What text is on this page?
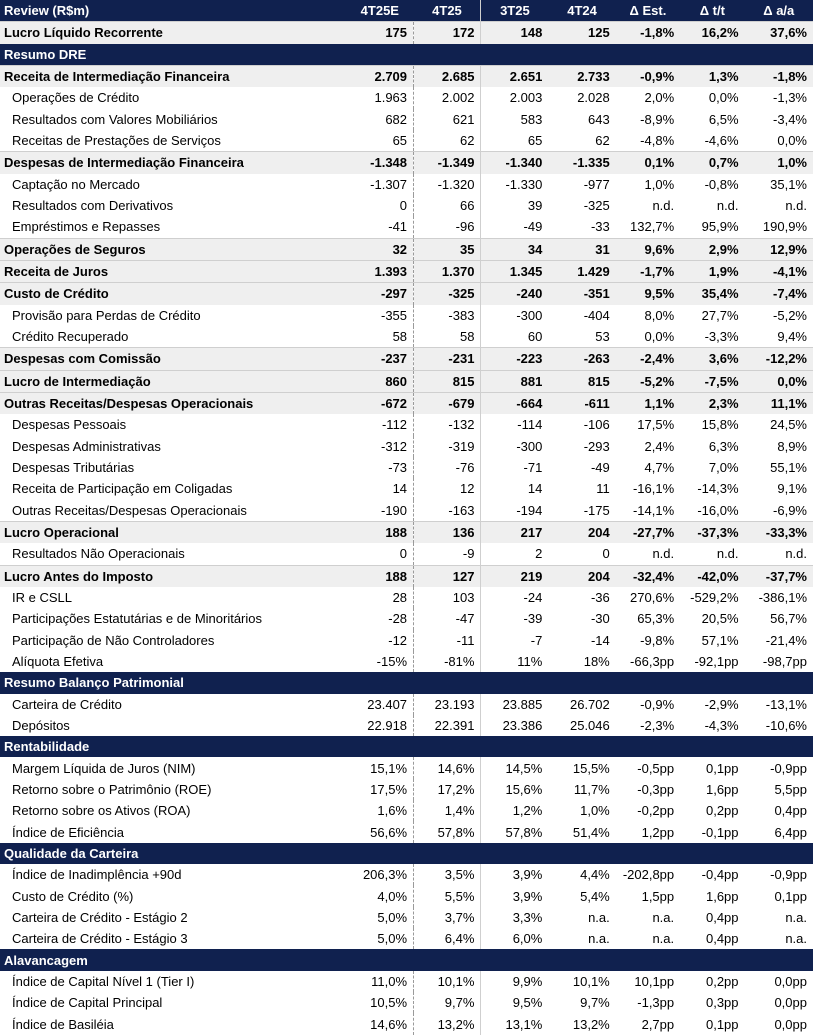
Review (R$m)	4T25E	4T25	3T25	4T24	Δ Est.	Δ t/t	Δ a/a
Lucro Líquido Recorrente	175	172	148	125	-1,8%	16,2%	37,6%
Resumo DRE							
Receita de Intermediação Financeira	2.709	2.685	2.651	2.733	-0,9%	1,3%	-1,8%
Operações de Crédito	1.963	2.002	2.003	2.028	2,0%	0,0%	-1,3%
Resultados com Valores Mobiliários	682	621	583	643	-8,9%	6,5%	-3,4%
Receitas de Prestações de Serviços	65	62	65	62	-4,8%	-4,6%	0,0%
Despesas de Intermediação Financeira	-1.348	-1.349	-1.340	-1.335	0,1%	0,7%	1,0%
Captação no Mercado	-1.307	-1.320	-1.330	-977	1,0%	-0,8%	35,1%
Resultados com Derivativos	0	66	39	-325	n.d.	n.d.	n.d.
Empréstimos e Repasses	-41	-96	-49	-33	132,7%	95,9%	190,9%
Operações de Seguros	32	35	34	31	9,6%	2,9%	12,9%
Receita de Juros	1.393	1.370	1.345	1.429	-1,7%	1,9%	-4,1%
Custo de Crédito	-297	-325	-240	-351	9,5%	35,4%	-7,4%
Provisão para Perdas de Crédito	-355	-383	-300	-404	8,0%	27,7%	-5,2%
Crédito Recuperado	58	58	60	53	0,0%	-3,3%	9,4%
Despesas com Comissão	-237	-231	-223	-263	-2,4%	3,6%	-12,2%
Lucro de Intermediação	860	815	881	815	-5,2%	-7,5%	0,0%
Outras Receitas/Despesas Operacionais	-672	-679	-664	-611	1,1%	2,3%	11,1%
Despesas Pessoais	-112	-132	-114	-106	17,5%	15,8%	24,5%
Despesas Administrativas	-312	-319	-300	-293	2,4%	6,3%	8,9%
Despesas Tributárias	-73	-76	-71	-49	4,7%	7,0%	55,1%
Receita de Participação em Coligadas	14	12	14	11	-16,1%	-14,3%	9,1%
Outras Receitas/Despesas Operacionais	-190	-163	-194	-175	-14,1%	-16,0%	-6,9%
Lucro Operacional	188	136	217	204	-27,7%	-37,3%	-33,3%
Resultados Não Operacionais	0	-9	2	0	n.d.	n.d.	n.d.
Lucro Antes do Imposto	188	127	219	204	-32,4%	-42,0%	-37,7%
IR e CSLL	28	103	-24	-36	270,6%	-529,2%	-386,1%
Participações Estatutárias e de Minoritários	-28	-47	-39	-30	65,3%	20,5%	56,7%
Participação de Não Controladores	-12	-11	-7	-14	-9,8%	57,1%	-21,4%
Alíquota Efetiva	-15%	-81%	11%	18%	-66,3pp	-92,1pp	-98,7pp
Resumo Balanço Patrimonial							
Carteira de Crédito	23.407	23.193	23.885	26.702	-0,9%	-2,9%	-13,1%
Depósitos	22.918	22.391	23.386	25.046	-2,3%	-4,3%	-10,6%
Rentabilidade							
Margem Líquida de Juros (NIM)	15,1%	14,6%	14,5%	15,5%	-0,5pp	0,1pp	-0,9pp
Retorno sobre o Patrimônio (ROE)	17,5%	17,2%	15,6%	11,7%	-0,3pp	1,6pp	5,5pp
Retorno sobre os Ativos (ROA)	1,6%	1,4%	1,2%	1,0%	-0,2pp	0,2pp	0,4pp
Índice de Eficiência	56,6%	57,8%	57,8%	51,4%	1,2pp	-0,1pp	6,4pp
Qualidade da Carteira							
Índice de Inadimplência +90d	206,3%	3,5%	3,9%	4,4%	-202,8pp	-0,4pp	-0,9pp
Custo de Crédito (%)	4,0%	5,5%	3,9%	5,4%	1,5pp	1,6pp	0,1pp
Carteira de Crédito - Estágio 2	5,0%	3,7%	3,3%	n.a.	n.a.	0,4pp	n.a.
Carteira de Crédito - Estágio 3	5,0%	6,4%	6,0%	n.a.	n.a.	0,4pp	n.a.
Alavancagem							
Índice de Capital Nível 1 (Tier I)	11,0%	10,1%	9,9%	10,1%	10,1pp	0,2pp	0,0pp
Índice de Capital Principal	10,5%	9,7%	9,5%	9,7%	-1,3pp	0,3pp	0,0pp
Índice de Basiléia	14,6%	13,2%	13,1%	13,2%	2,7pp	0,1pp	0,0pp
